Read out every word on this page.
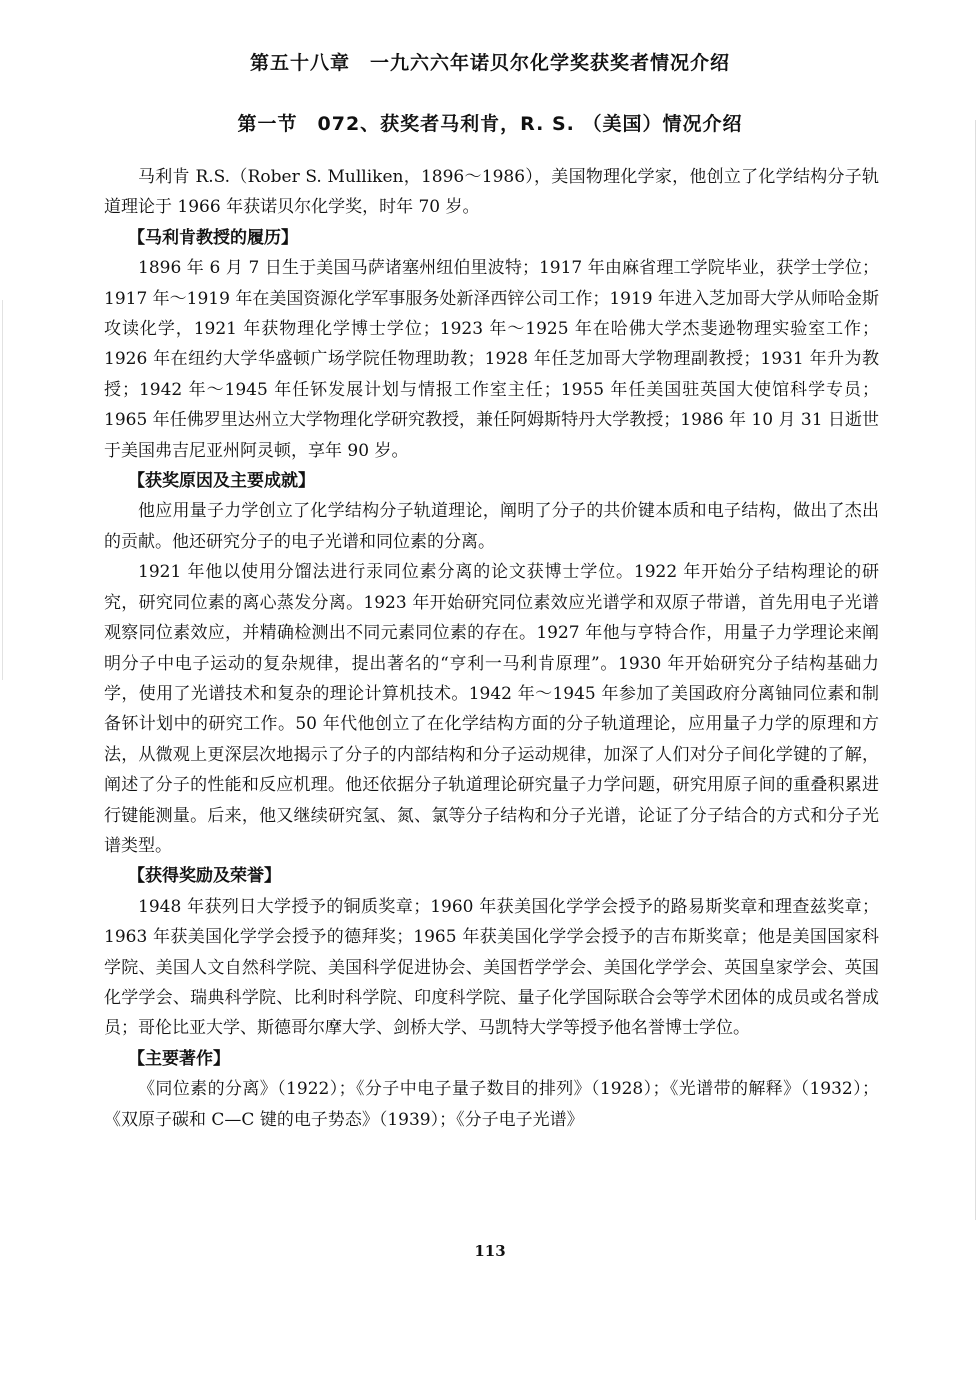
第五十八章　一九六六年诺贝尔化学奖获奖者情况介绍
第一节　072、获奖者马利肯，R. S. （美国）情况介绍

马利肯 R.S.（Rober S. Mulliken，1896～1986），美国物理化学家，他创立了化学结构分子轨道理论于 1966 年获诺贝尔化学奖，时年 70 岁。

【马利肯教授的履历】

1896 年 6 月 7 日生于美国马萨诸塞州纽伯里波特；1917 年由麻省理工学院毕业，获学士学位；1917 年～1919 年在美国资源化学军事服务处新泽西锌公司工作；1919 年进入芝加哥大学从师哈金斯攻读化学，1921 年获物理化学博士学位；1923 年～1925 年在哈佛大学杰斐逊物理实验室工作；1926 年在纽约大学华盛顿广场学院任物理助教；1928 年任芝加哥大学物理副教授；1931 年升为教授；1942 年～1945 年任钚发展计划与情报工作室主任；1955 年任美国驻英国大使馆科学专员；1965 年任佛罗里达州立大学物理化学研究教授，兼任阿姆斯特丹大学教授；1986 年 10 月 31 日逝世于美国弗吉尼亚州阿灵顿，享年 90 岁。

【获奖原因及主要成就】

他应用量子力学创立了化学结构分子轨道理论，阐明了分子的共价键本质和电子结构，做出了杰出的贡献。他还研究分子的电子光谱和同位素的分离。

1921 年他以使用分馏法进行汞同位素分离的论文获博士学位。1922 年开始分子结构理论的研究，研究同位素的离心蒸发分离。1923 年开始研究同位素效应光谱学和双原子带谱，首先用电子光谱观察同位素效应，并精确检测出不同元素同位素的存在。1927 年他与亨特合作，用量子力学理论来阐明分子中电子运动的复杂规律，提出著名的“亨利一马利肯原理”。1930 年开始研究分子结构基础力学，使用了光谱技术和复杂的理论计算机技术。1942 年～1945 年参加了美国政府分离铀同位素和制备钚计划中的研究工作。50 年代他创立了在化学结构方面的分子轨道理论，应用量子力学的原理和方法，从微观上更深层次地揭示了分子的内部结构和分子运动规律，加深了人们对分子间化学键的了解，阐述了分子的性能和反应机理。他还依据分子轨道理论研究量子力学问题，研究用原子间的重叠积累进行键能测量。后来，他又继续研究氢、氮、氯等分子结构和分子光谱，论证了分子结合的方式和分子光谱类型。

【获得奖励及荣誉】

1948 年获列日大学授予的铜质奖章；1960 年获美国化学学会授予的路易斯奖章和理查兹奖章；1963 年获美国化学学会授予的德拜奖；1965 年获美国化学学会授予的吉布斯奖章；他是美国国家科学院、美国人文自然科学院、美国科学促进协会、美国哲学学会、美国化学学会、英国皇家学会、英国化学学会、瑞典科学院、比利时科学院、印度科学院、量子化学国际联合会等学术团体的成员或名誉成员；哥伦比亚大学、斯德哥尔摩大学、剑桥大学、马凯特大学等授予他名誉博士学位。

【主要著作】

《同位素的分离》（1922）；《分子中电子量子数目的排列》（1928）；《光谱带的解释》（1932）；《双原子碳和 C—C 键的电子势态》（1939）；《分子电子光谱》

113
